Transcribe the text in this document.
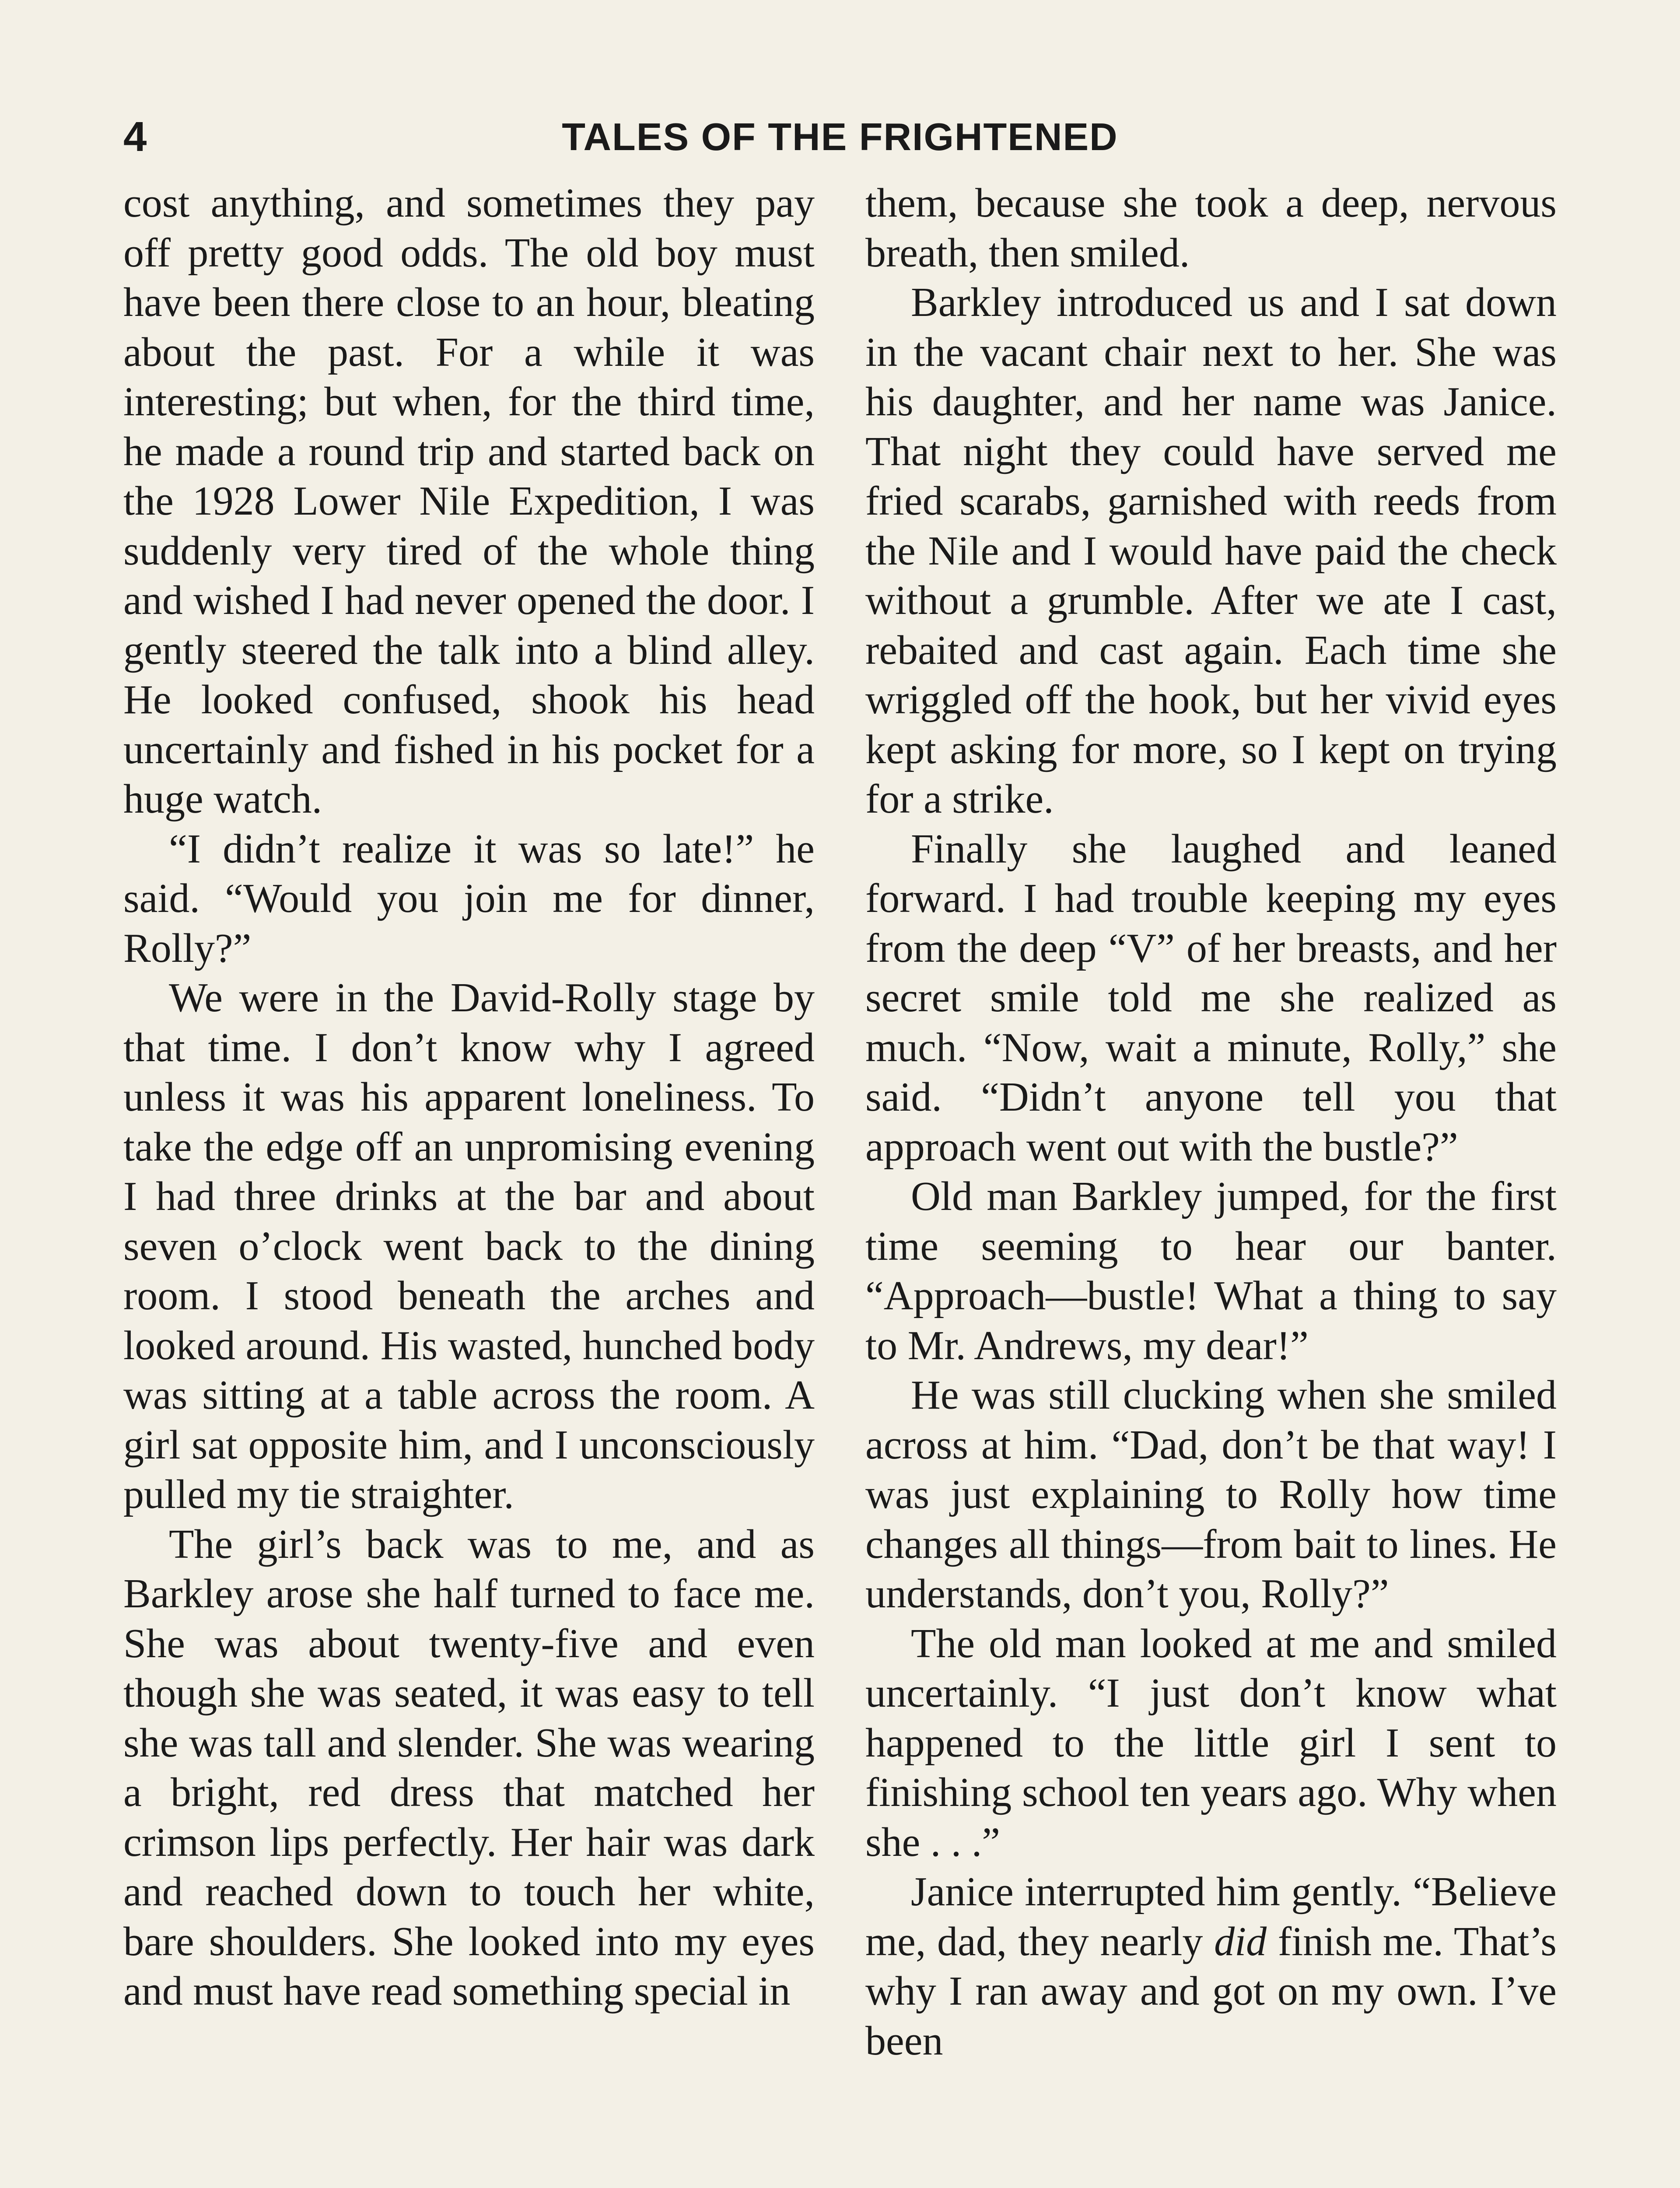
4	TALES OF THE FRIGHTENED

cost anything, and sometimes they pay off pretty good odds. The old boy must have been there close to an hour, bleating about the past. For a while it was interesting; but when, for the third time, he made a round trip and started back on the 1928 Lower Nile Expedition, I was suddenly very tired of the whole thing and wished I had never opened the door. I gently steered the talk into a blind alley. He looked confused, shook his head uncertainly and fished in his pocket for a huge watch.

“I didn’t realize it was so late!” he said. “Would you join me for dinner, Rolly?”

We were in the David-Rolly stage by that time. I don’t know why I agreed unless it was his apparent loneliness. To take the edge off an unpromising evening I had three drinks at the bar and about seven o’clock went back to the dining room. I stood beneath the arches and looked around. His wasted, hunched body was sitting at a table across the room. A girl sat opposite him, and I unconsciously pulled my tie straighter.

The girl’s back was to me, and as Barkley arose she half turned to face me. She was about twenty-five and even though she was seated, it was easy to tell she was tall and slender. She was wearing a bright, red dress that matched her crimson lips perfectly. Her hair was dark and reached down to touch her white, bare shoulders. She looked into my eyes and must have read something special in

them, because she took a deep, nervous breath, then smiled.

Barkley introduced us and I sat down in the vacant chair next to her. She was his daughter, and her name was Janice. That night they could have served me fried scarabs, garnished with reeds from the Nile and I would have paid the check without a grumble. After we ate I cast, rebaited and cast again. Each time she wriggled off the hook, but her vivid eyes kept asking for more, so I kept on trying for a strike.

Finally she laughed and leaned forward. I had trouble keeping my eyes from the deep “V” of her breasts, and her secret smile told me she realized as much. “Now, wait a minute, Rolly,” she said. “Didn’t anyone tell you that approach went out with the bustle?”

Old man Barkley jumped, for the first time seeming to hear our banter. “Approach—bustle! What a thing to say to Mr. Andrews, my dear!”

He was still clucking when she smiled across at him. “Dad, don’t be that way! I was just explaining to Rolly how time changes all things—from bait to lines. He understands, don’t you, Rolly?”

The old man looked at me and smiled uncertainly. “I just don’t know what happened to the little girl I sent to finishing school ten years ago. Why when she . . .”

Janice interrupted him gently. “Believe me, dad, they nearly did finish me. That’s why I ran away and got on my own. I’ve been
